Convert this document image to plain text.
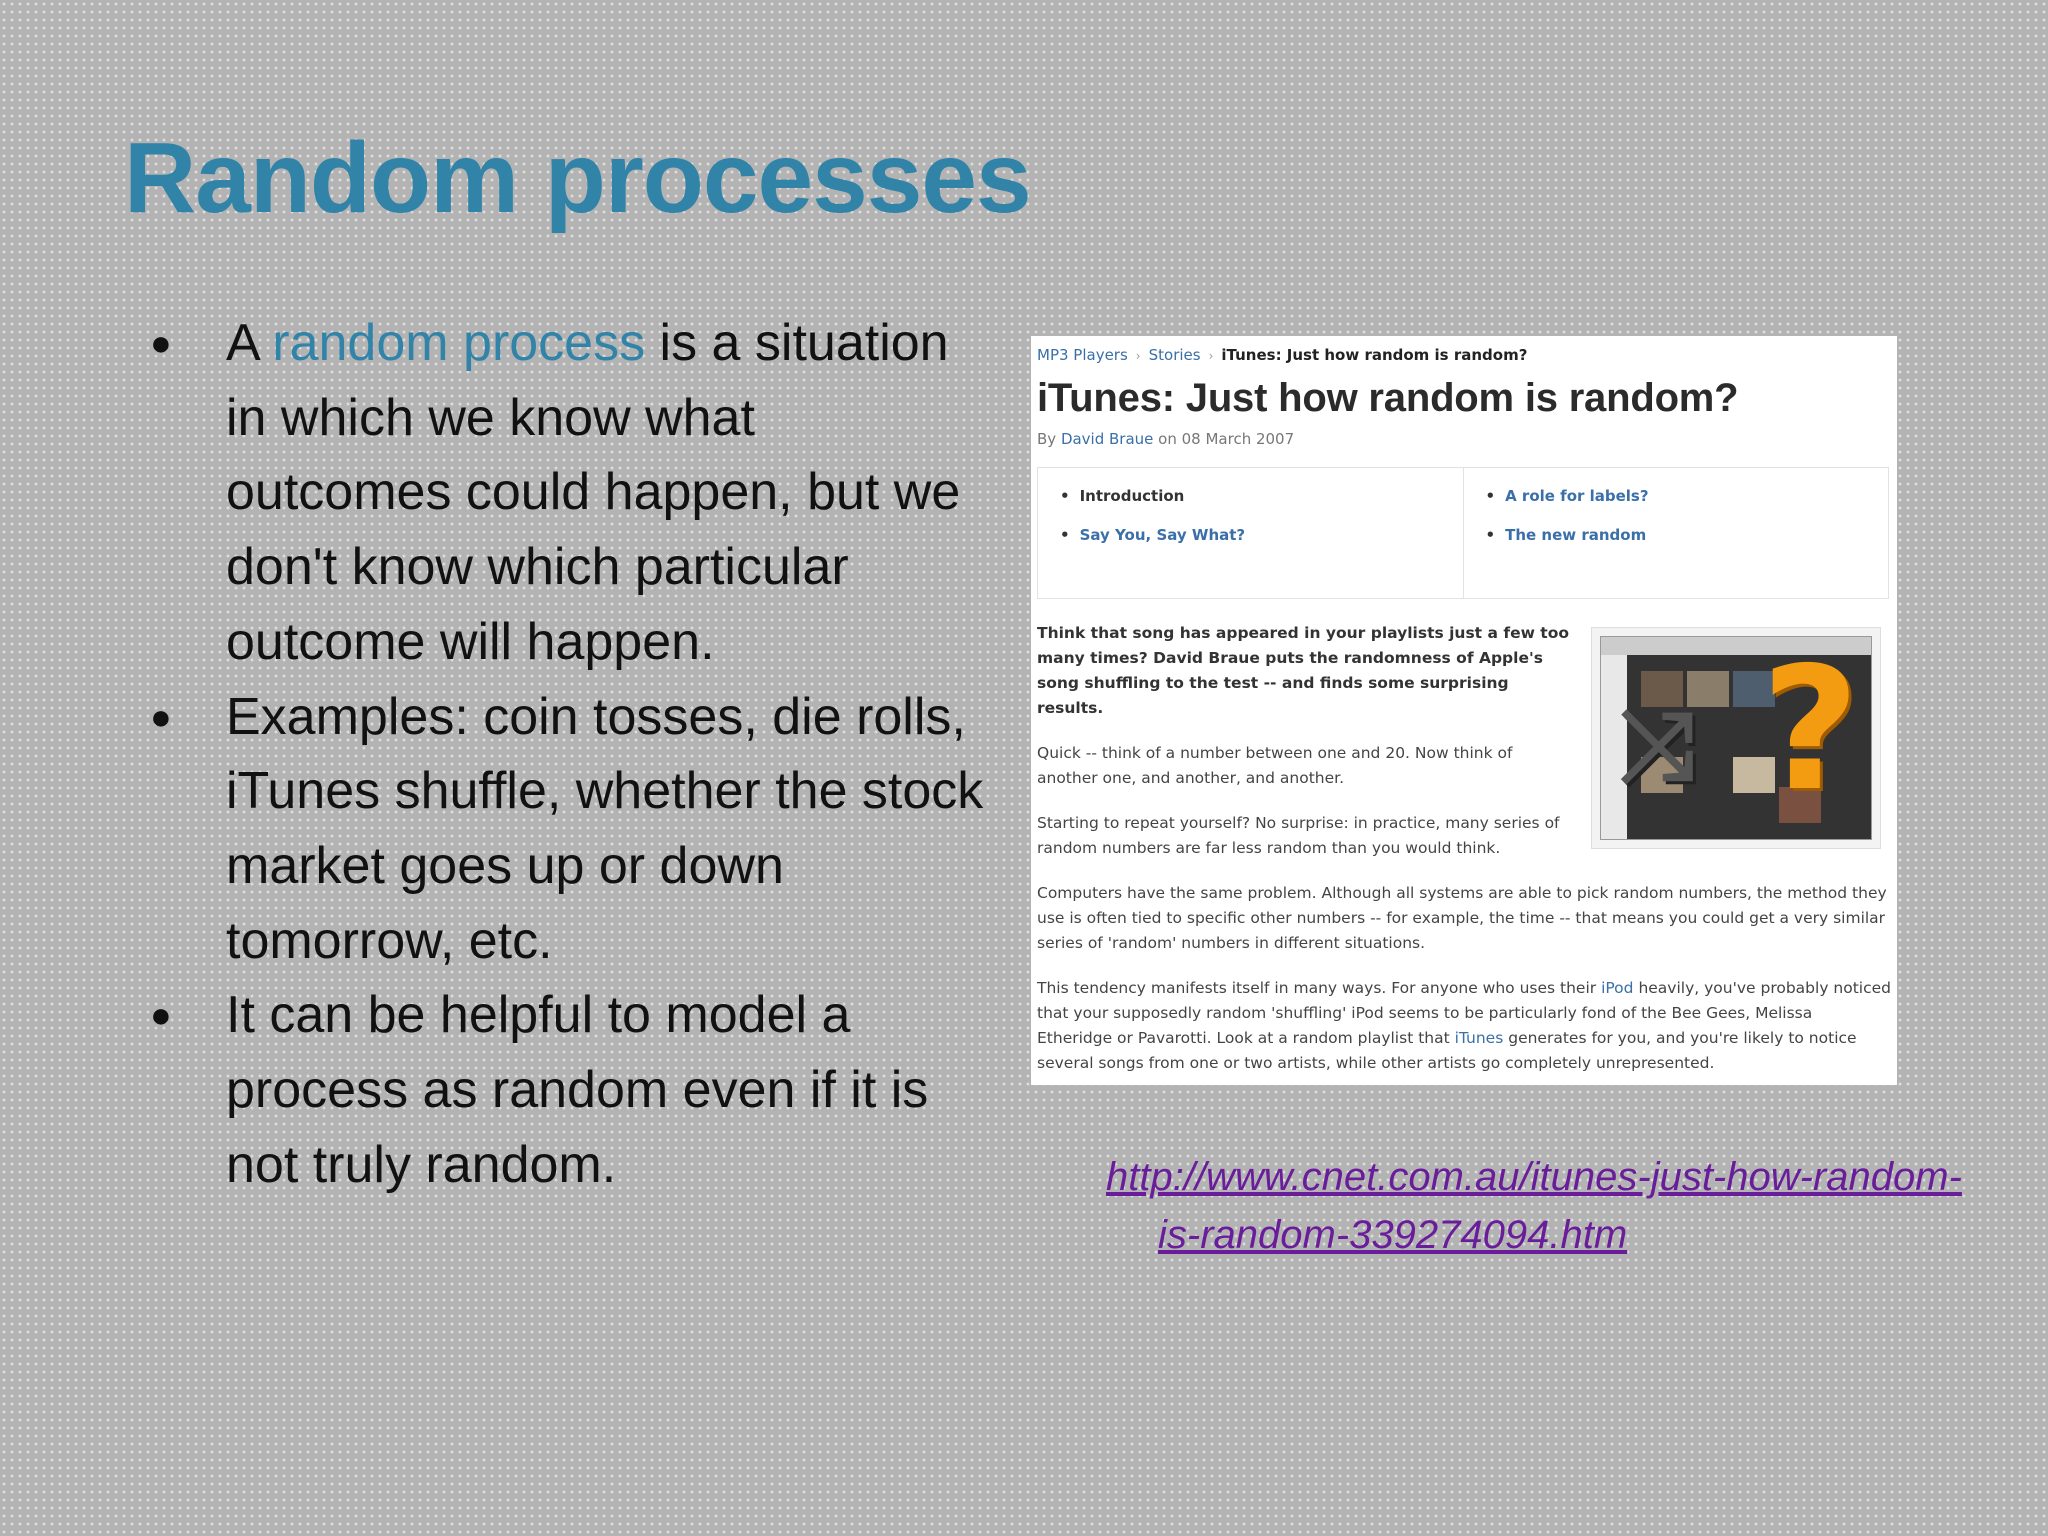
Random processes
● A random process is a situation in which we know what outcomes could happen, but we don't know which particular outcome will happen.
● Examples: coin tosses, die rolls, iTunes shuffle, whether the stock market goes up or down tomorrow, etc.
● It can be helpful to model a process as random even if it is not truly random.
MP3 Players › Stories › iTunes: Just how random is random?
iTunes: Just how random is random?
By David Braue on 08 March 2007
• Introduction
• Say You, Say What?
• A role for labels?
• The new random

Think that song has appeared in your playlists just a few too many times? David Braue puts the randomness of Apple's song shuffling to the test -- and finds some surprising results.

Quick -- think of a number between one and 20. Now think of another one, and another, and another.

Starting to repeat yourself? No surprise: in practice, many series of random numbers are far less random than you would think.

Computers have the same problem. Although all systems are able to pick random numbers, the method they use is often tied to specific other numbers -- for example, the time -- that means you could get a very similar series of 'random' numbers in different situations.

This tendency manifests itself in many ways. For anyone who uses their iPod heavily, you've probably noticed that your supposedly random 'shuffling' iPod seems to be particularly fond of the Bee Gees, Melissa Etheridge or Pavarotti. Look at a random playlist that iTunes generates for you, and you're likely to notice several songs from one or two artists, while other artists go completely unrepresented.

⤨ ?

http://www.cnet.com.au/itunes-just-how-random-
is-random-339274094.htm
